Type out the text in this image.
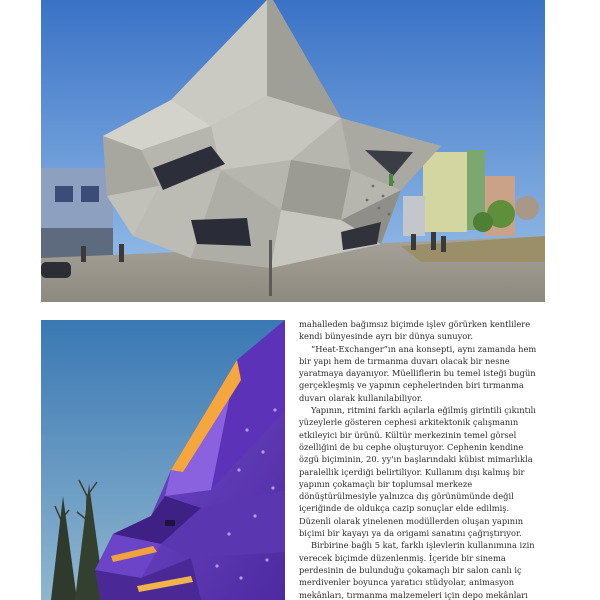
mahalleden bağımsız biçimde işlev görürken kentlilere kendi bünyesinde ayrı bir dünya sunuyor.

“Heat-Exchanger”ın ana konsepti, aynı zamanda hem bir yapı hem de tırmanma duvarı olacak bir nesne yaratmaya dayanıyor. Müelliflerin bu temel isteği bugün gerçekleşmiş ve yapının cephelerinden biri tırmanma duvarı olarak kullanılabiliyor.

Yapının, ritmini farklı açılarla eğilmiş girintili çıkıntılı yüzeylerle gösteren cephesi arkitektonik çalışmanın etkileyici bir ürünü. Kültür merkezinin temel görsel özelliğini de bu cephe oluşturuyor. Cephenin kendine özgü biçiminin, 20. yy'ın başlarındaki kübist mimarlıkla paralellik içerdiği belirtiliyor. Kullanım dışı kalmış bir yapının çokamaçlı bir toplumsal merkeze dönüştürülmesiyle yalnızca dış görünümünde değil içeriğinde de oldukça cazip sonuçlar elde edilmiş. Düzenli olarak yinelenen modüllerden oluşan yapının biçimi bir kayayı ya da origami sanatını çağrıştırıyor.

Birbirine bağlı 5 kat, farklı işlevlerin kullanımına izin verecek biçimde düzenlenmiş. İçeride bir sinema perdesinin de bulunduğu çokamaçlı bir salon canlı iç merdivenler boyunca yaratıcı stüdyolar, animasyon mekânları, tırmanma malzemeleri için depo mekânları
